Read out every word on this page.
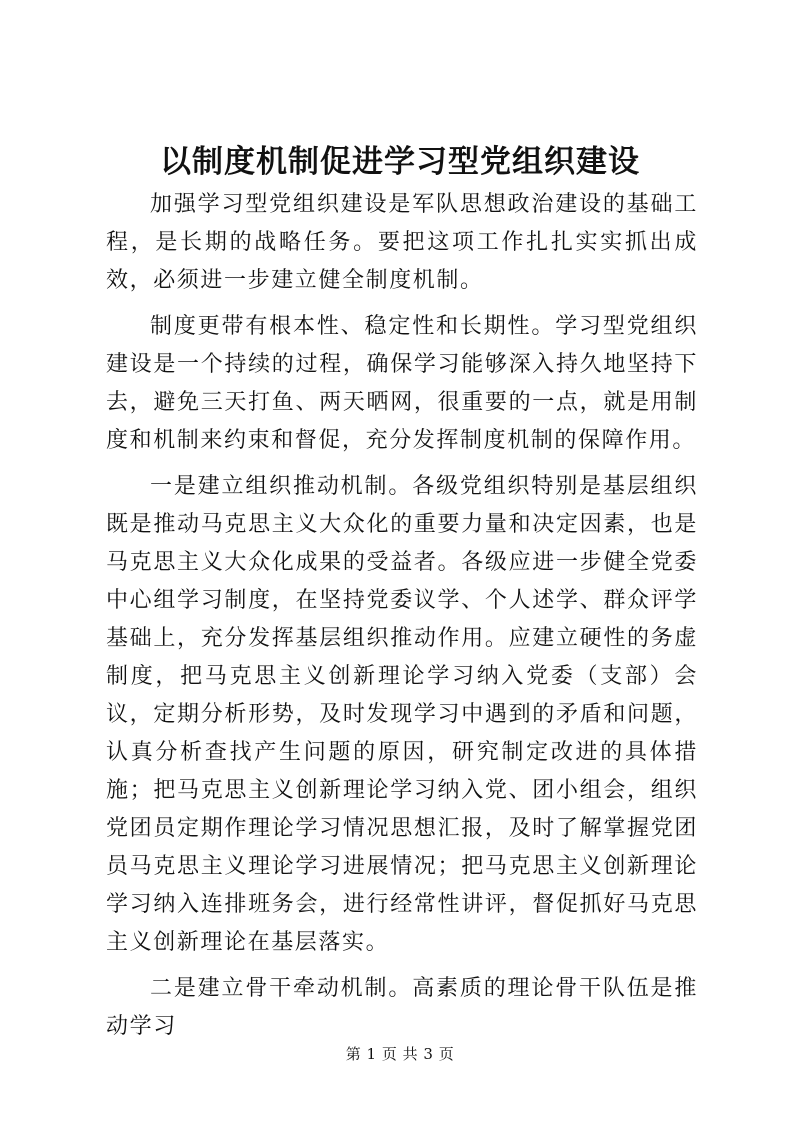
以制度机制促进学习型党组织建设

加强学习型党组织建设是军队思想政治建设的基础工程，是长期的战略任务。要把这项工作扎扎实实抓出成效，必须进一步建立健全制度机制。

制度更带有根本性、稳定性和长期性。学习型党组织建设是一个持续的过程，确保学习能够深入持久地坚持下去，避免三天打鱼、两天晒网，很重要的一点，就是用制度和机制来约束和督促，充分发挥制度机制的保障作用。

一是建立组织推动机制。各级党组织特别是基层组织既是推动马克思主义大众化的重要力量和决定因素，也是马克思主义大众化成果的受益者。各级应进一步健全党委中心组学习制度，在坚持党委议学、个人述学、群众评学基础上，充分发挥基层组织推动作用。应建立硬性的务虚制度，把马克思主义创新理论学习纳入党委（支部）会议，定期分析形势，及时发现学习中遇到的矛盾和问题，认真分析查找产生问题的原因，研究制定改进的具体措施；把马克思主义创新理论学习纳入党、团小组会，组织党团员定期作理论学习情况思想汇报，及时了解掌握党团员马克思主义理论学习进展情况；把马克思主义创新理论学习纳入连排班务会，进行经常性讲评，督促抓好马克思主义创新理论在基层落实。

二是建立骨干牵动机制。高素质的理论骨干队伍是推动学习

第 1 页 共 3 页
